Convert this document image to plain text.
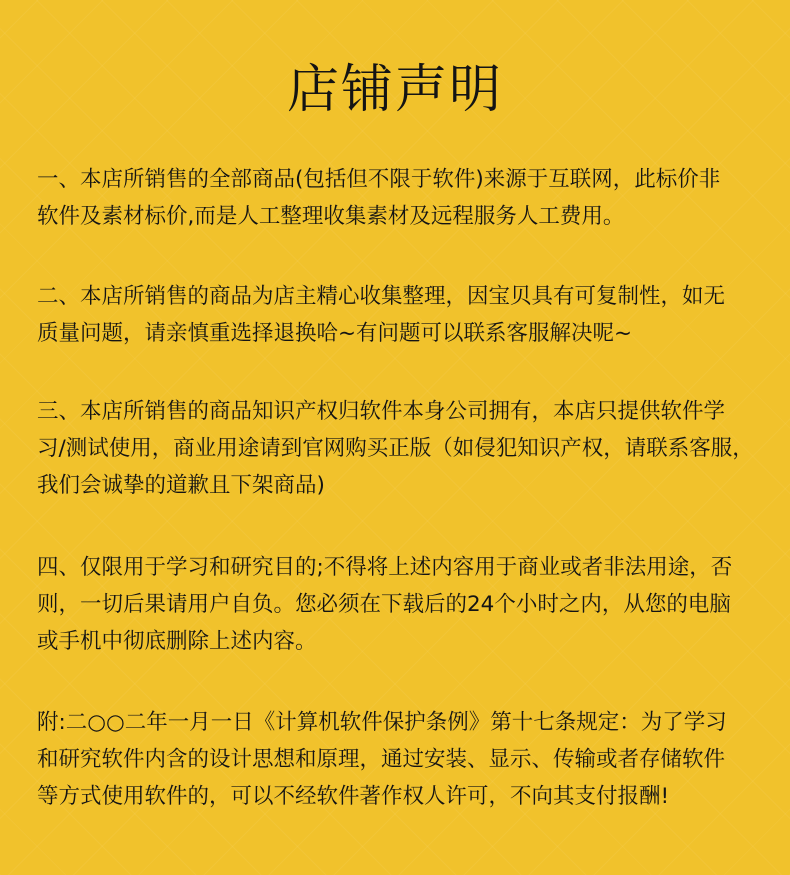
店铺声明
一、本店所销售的全部商品(包括但不限于软件)来源于互联网，此标价非
软件及素材标价,而是人工整理收集素材及远程服务人工费用。
二、本店所销售的商品为店主精心收集整理，因宝贝具有可复制性，如无
质量问题，请亲慎重选择退换哈~有问题可以联系客服解决呢~
三、本店所销售的商品知识产权归软件本身公司拥有，本店只提供软件学
习/测试使用，商业用途请到官网购买正版（如侵犯知识产权，请联系客服，
我们会诚挚的道歉且下架商品)
四、仅限用于学习和研究目的;不得将上述内容用于商业或者非法用途，否
则，一切后果请用户自负。您必须在下载后的24个小时之内，从您的电脑
或手机中彻底删除上述内容。
附:二○○二年一月一日《计算机软件保护条例》第十七条规定：为了学习
和研究软件内含的设计思想和原理，通过安装、显示、传输或者存储软件
等方式使用软件的，可以不经软件著作权人许可，不向其支付报酬!
